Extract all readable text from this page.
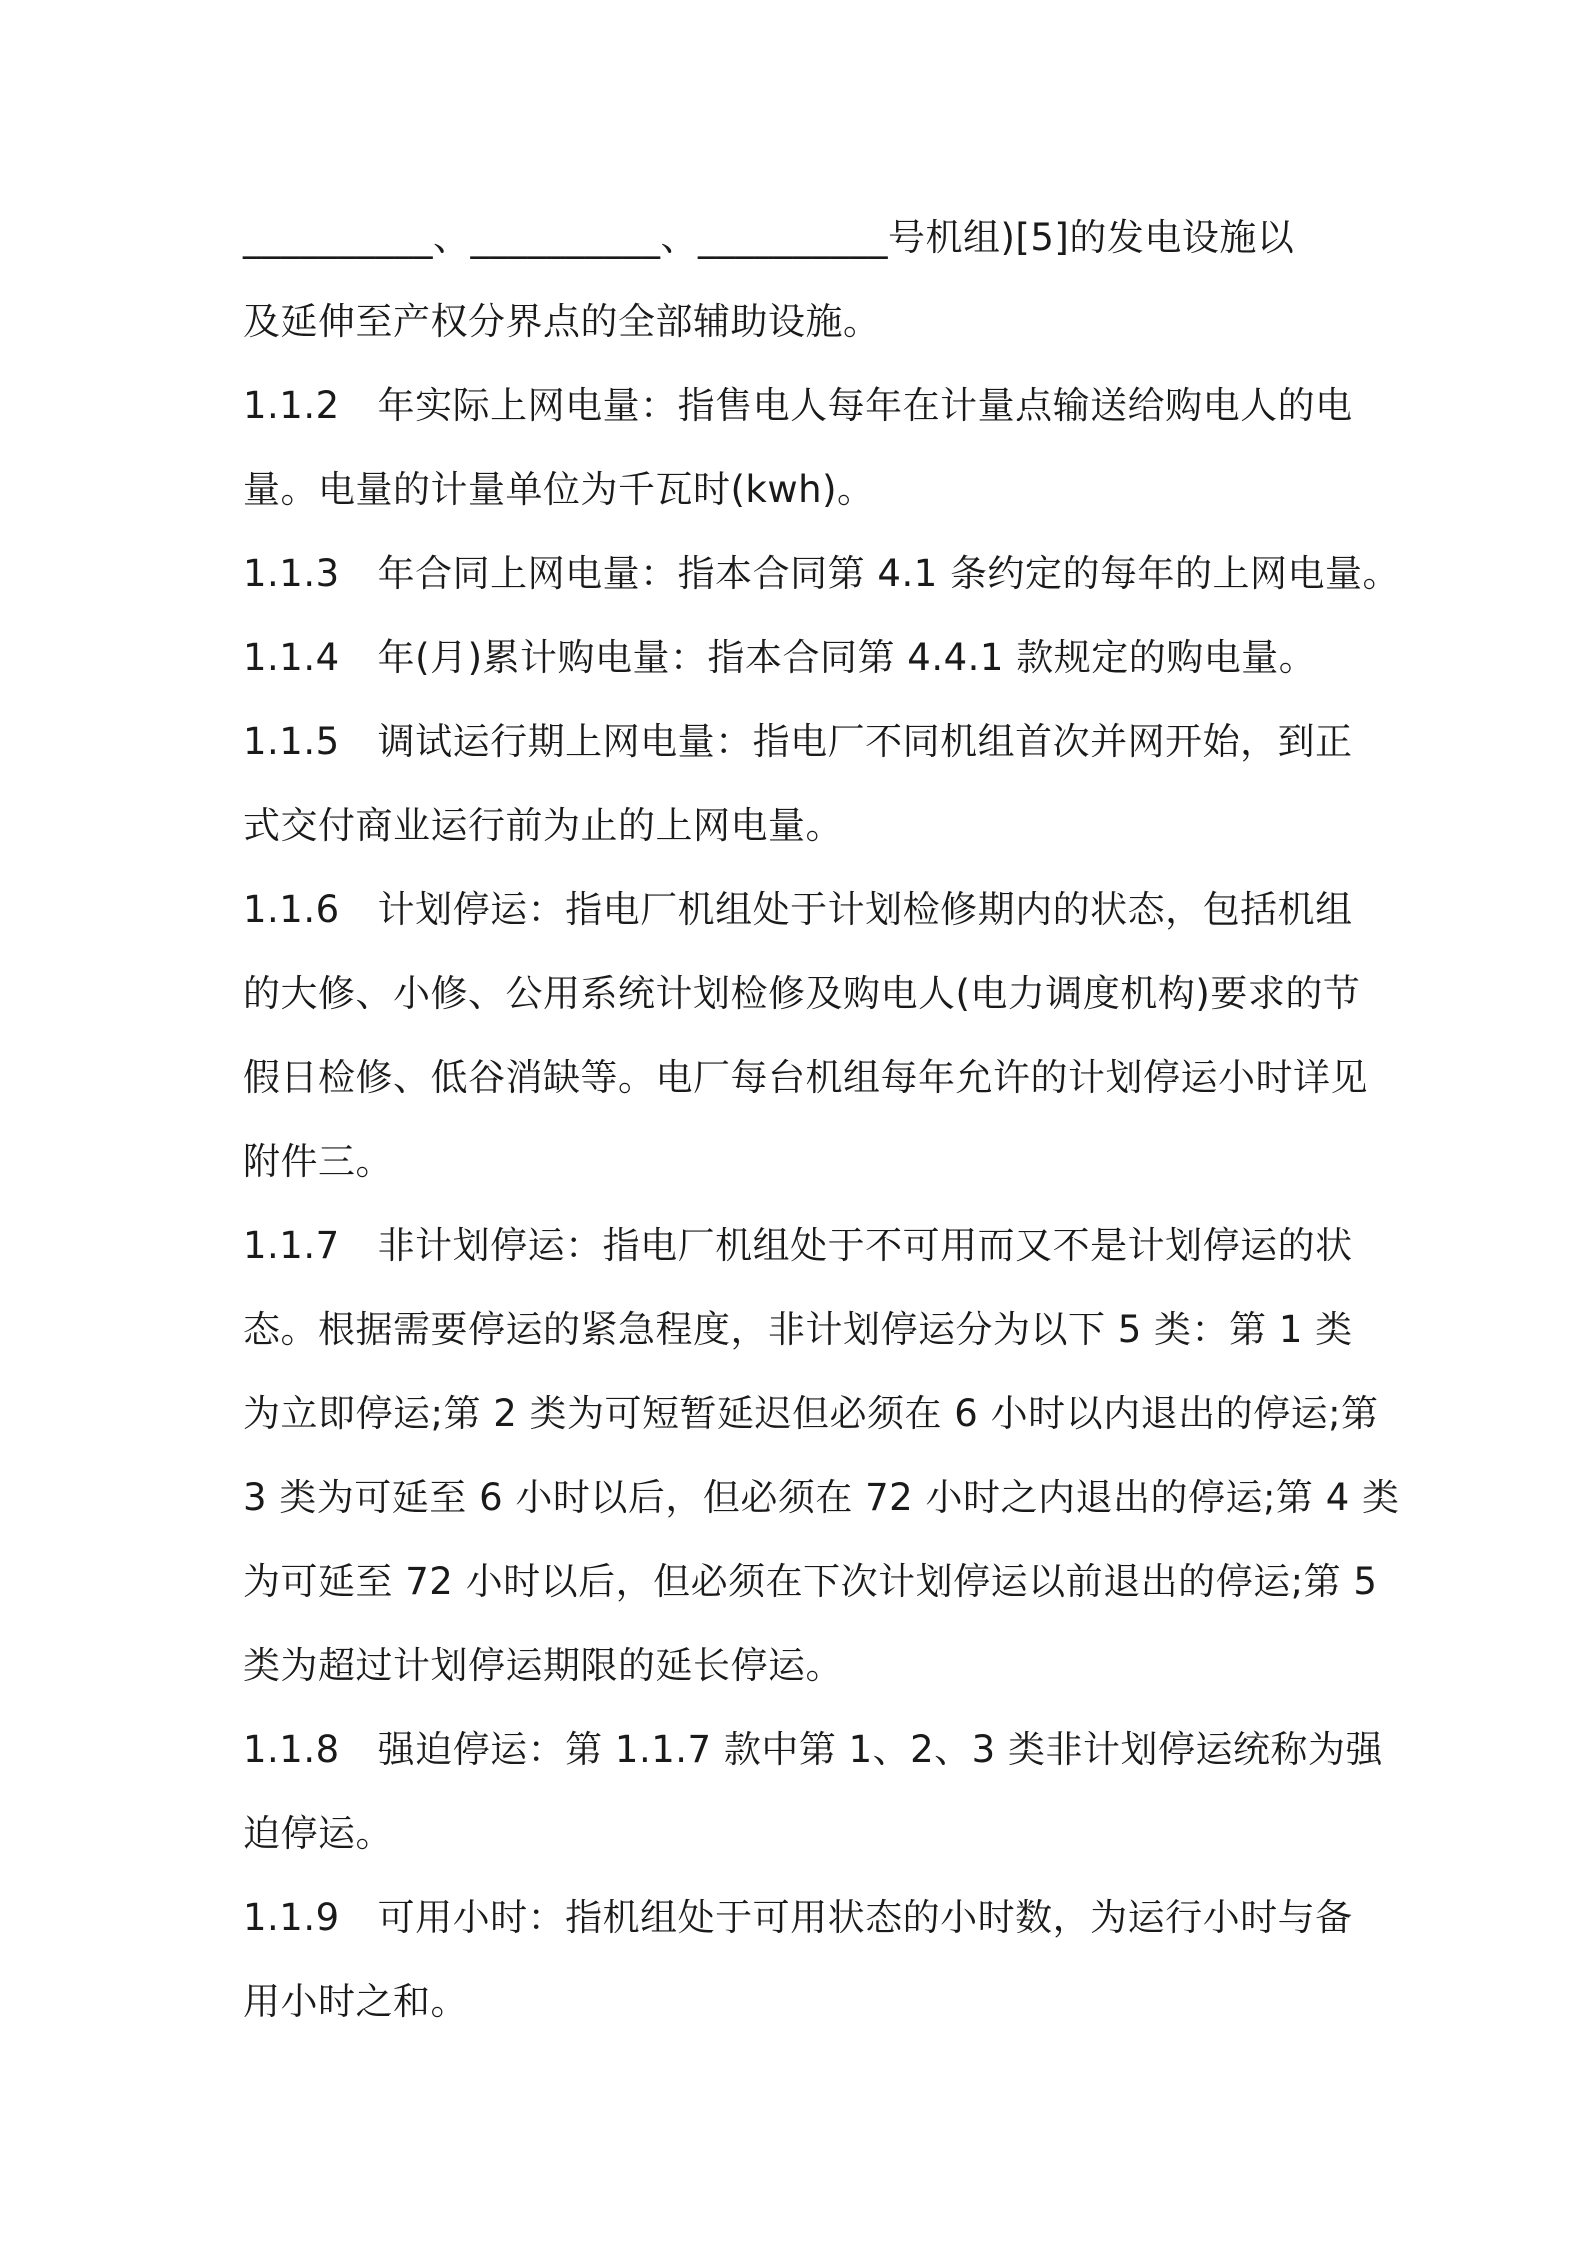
__________、__________、__________号机组)[5]的发电设施以
及延伸至产权分界点的全部辅助设施。
1.1.2 年实际上网电量：指售电人每年在计量点输送给购电人的电
量。电量的计量单位为千瓦时(kwh)。
1.1.3 年合同上网电量：指本合同第 4.1 条约定的每年的上网电量。
1.1.4 年(月)累计购电量：指本合同第 4.4.1 款规定的购电量。
1.1.5 调试运行期上网电量：指电厂不同机组首次并网开始，到正
式交付商业运行前为止的上网电量。
1.1.6 计划停运：指电厂机组处于计划检修期内的状态，包括机组
的大修、小修、公用系统计划检修及购电人(电力调度机构)要求的节
假日检修、低谷消缺等。电厂每台机组每年允许的计划停运小时详见
附件三。
1.1.7 非计划停运：指电厂机组处于不可用而又不是计划停运的状
态。根据需要停运的紧急程度，非计划停运分为以下 5 类：第 1 类
为立即停运;第 2 类为可短暂延迟但必须在 6 小时以内退出的停运;第
3 类为可延至 6 小时以后，但必须在 72 小时之内退出的停运;第 4 类
为可延至 72 小时以后，但必须在下次计划停运以前退出的停运;第 5
类为超过计划停运期限的延长停运。
1.1.8 强迫停运：第 1.1.7 款中第 1、2、3 类非计划停运统称为强
迫停运。
1.1.9 可用小时：指机组处于可用状态的小时数，为运行小时与备
用小时之和。
